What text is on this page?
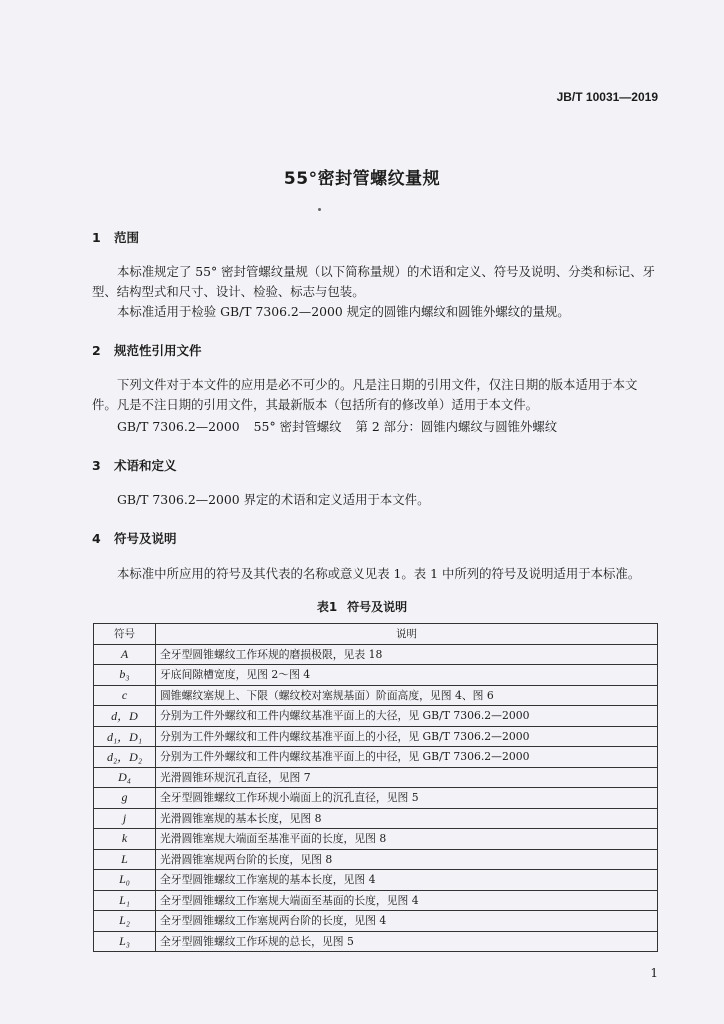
JB/T 10031—2019
55°密封管螺纹量规
1 范围
本标准规定了 55° 密封管螺纹量规（以下简称量规）的术语和定义、符号及说明、分类和标记、牙型、结构型式和尺寸、设计、检验、标志与包装。
本标准适用于检验 GB/T 7306.2—2000 规定的圆锥内螺纹和圆锥外螺纹的量规。
2 规范性引用文件
下列文件对于本文件的应用是必不可少的。凡是注日期的引用文件，仅注日期的版本适用于本文件。凡是不注日期的引用文件，其最新版本（包括所有的修改单）适用于本文件。
GB/T 7306.2—2000 55° 密封管螺纹 第 2 部分：圆锥内螺纹与圆锥外螺纹
3 术语和定义
GB/T 7306.2—2000 界定的术语和定义适用于本文件。
4 符号及说明
本标准中所应用的符号及其代表的名称或意义见表 1。表 1 中所列的符号及说明适用于本标准。
表1 符号及说明
符号	说明
A	全牙型圆锥螺纹工作环规的磨损极限，见表 18
b₃	牙底间隙槽宽度，见图 2～图 4
c	圆锥螺纹塞规上、下限（螺纹校对塞规基面）阶面高度，见图 4、图 6
d，D	分别为工件外螺纹和工件内螺纹基准平面上的大径，见 GB/T 7306.2—2000
d₁，D₁	分别为工件外螺纹和工件内螺纹基准平面上的小径，见 GB/T 7306.2—2000
d₂，D₂	分别为工件外螺纹和工件内螺纹基准平面上的中径，见 GB/T 7306.2—2000
D₄	光滑圆锥环规沉孔直径，见图 7
g	全牙型圆锥螺纹工作环规小端面上的沉孔直径，见图 5
j	光滑圆锥塞规的基本长度，见图 8
k	光滑圆锥塞规大端面至基准平面的长度，见图 8
L	光滑圆锥塞规两台阶的长度，见图 8
L₀	全牙型圆锥螺纹工作塞规的基本长度，见图 4
L₁	全牙型圆锥螺纹工作塞规大端面至基面的长度，见图 4
L₂	全牙型圆锥螺纹工作塞规两台阶的长度，见图 4
L₃	全牙型圆锥螺纹工作环规的总长，见图 5
1
